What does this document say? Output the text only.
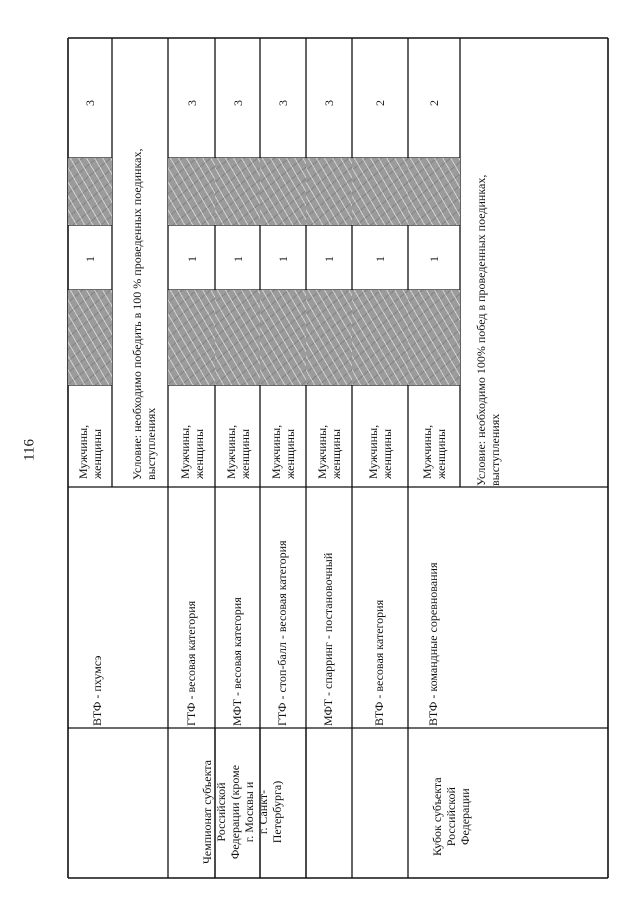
116
ВТФ - пхумсэ
Мужчины, женщины
1
3
ГТФ - весовая категория
Мужчины, женщины
1
3
МФТ - весовая категория
Мужчины, женщины
1
3
ГТФ - стоп-балл - весовая категория
Мужчины, женщины
1
3
МФТ - спарринг - постановочный
Мужчины, женщины
1
3
ВТФ - весовая категория
Мужчины, женщины
1
2
ВТФ - командные соревнования
Мужчины, женщины
1
2
Условие: необходимо победить в 100 % проведенных поединках, выступлениях	Условие: необходимо 100% побед в проведенных поединках, выступлениях
Чемпионат субъекта Российской Федерации (кроме г. Москвы и г. Санкт- Петербурга)	Кубок субъекта Российской Федерации
